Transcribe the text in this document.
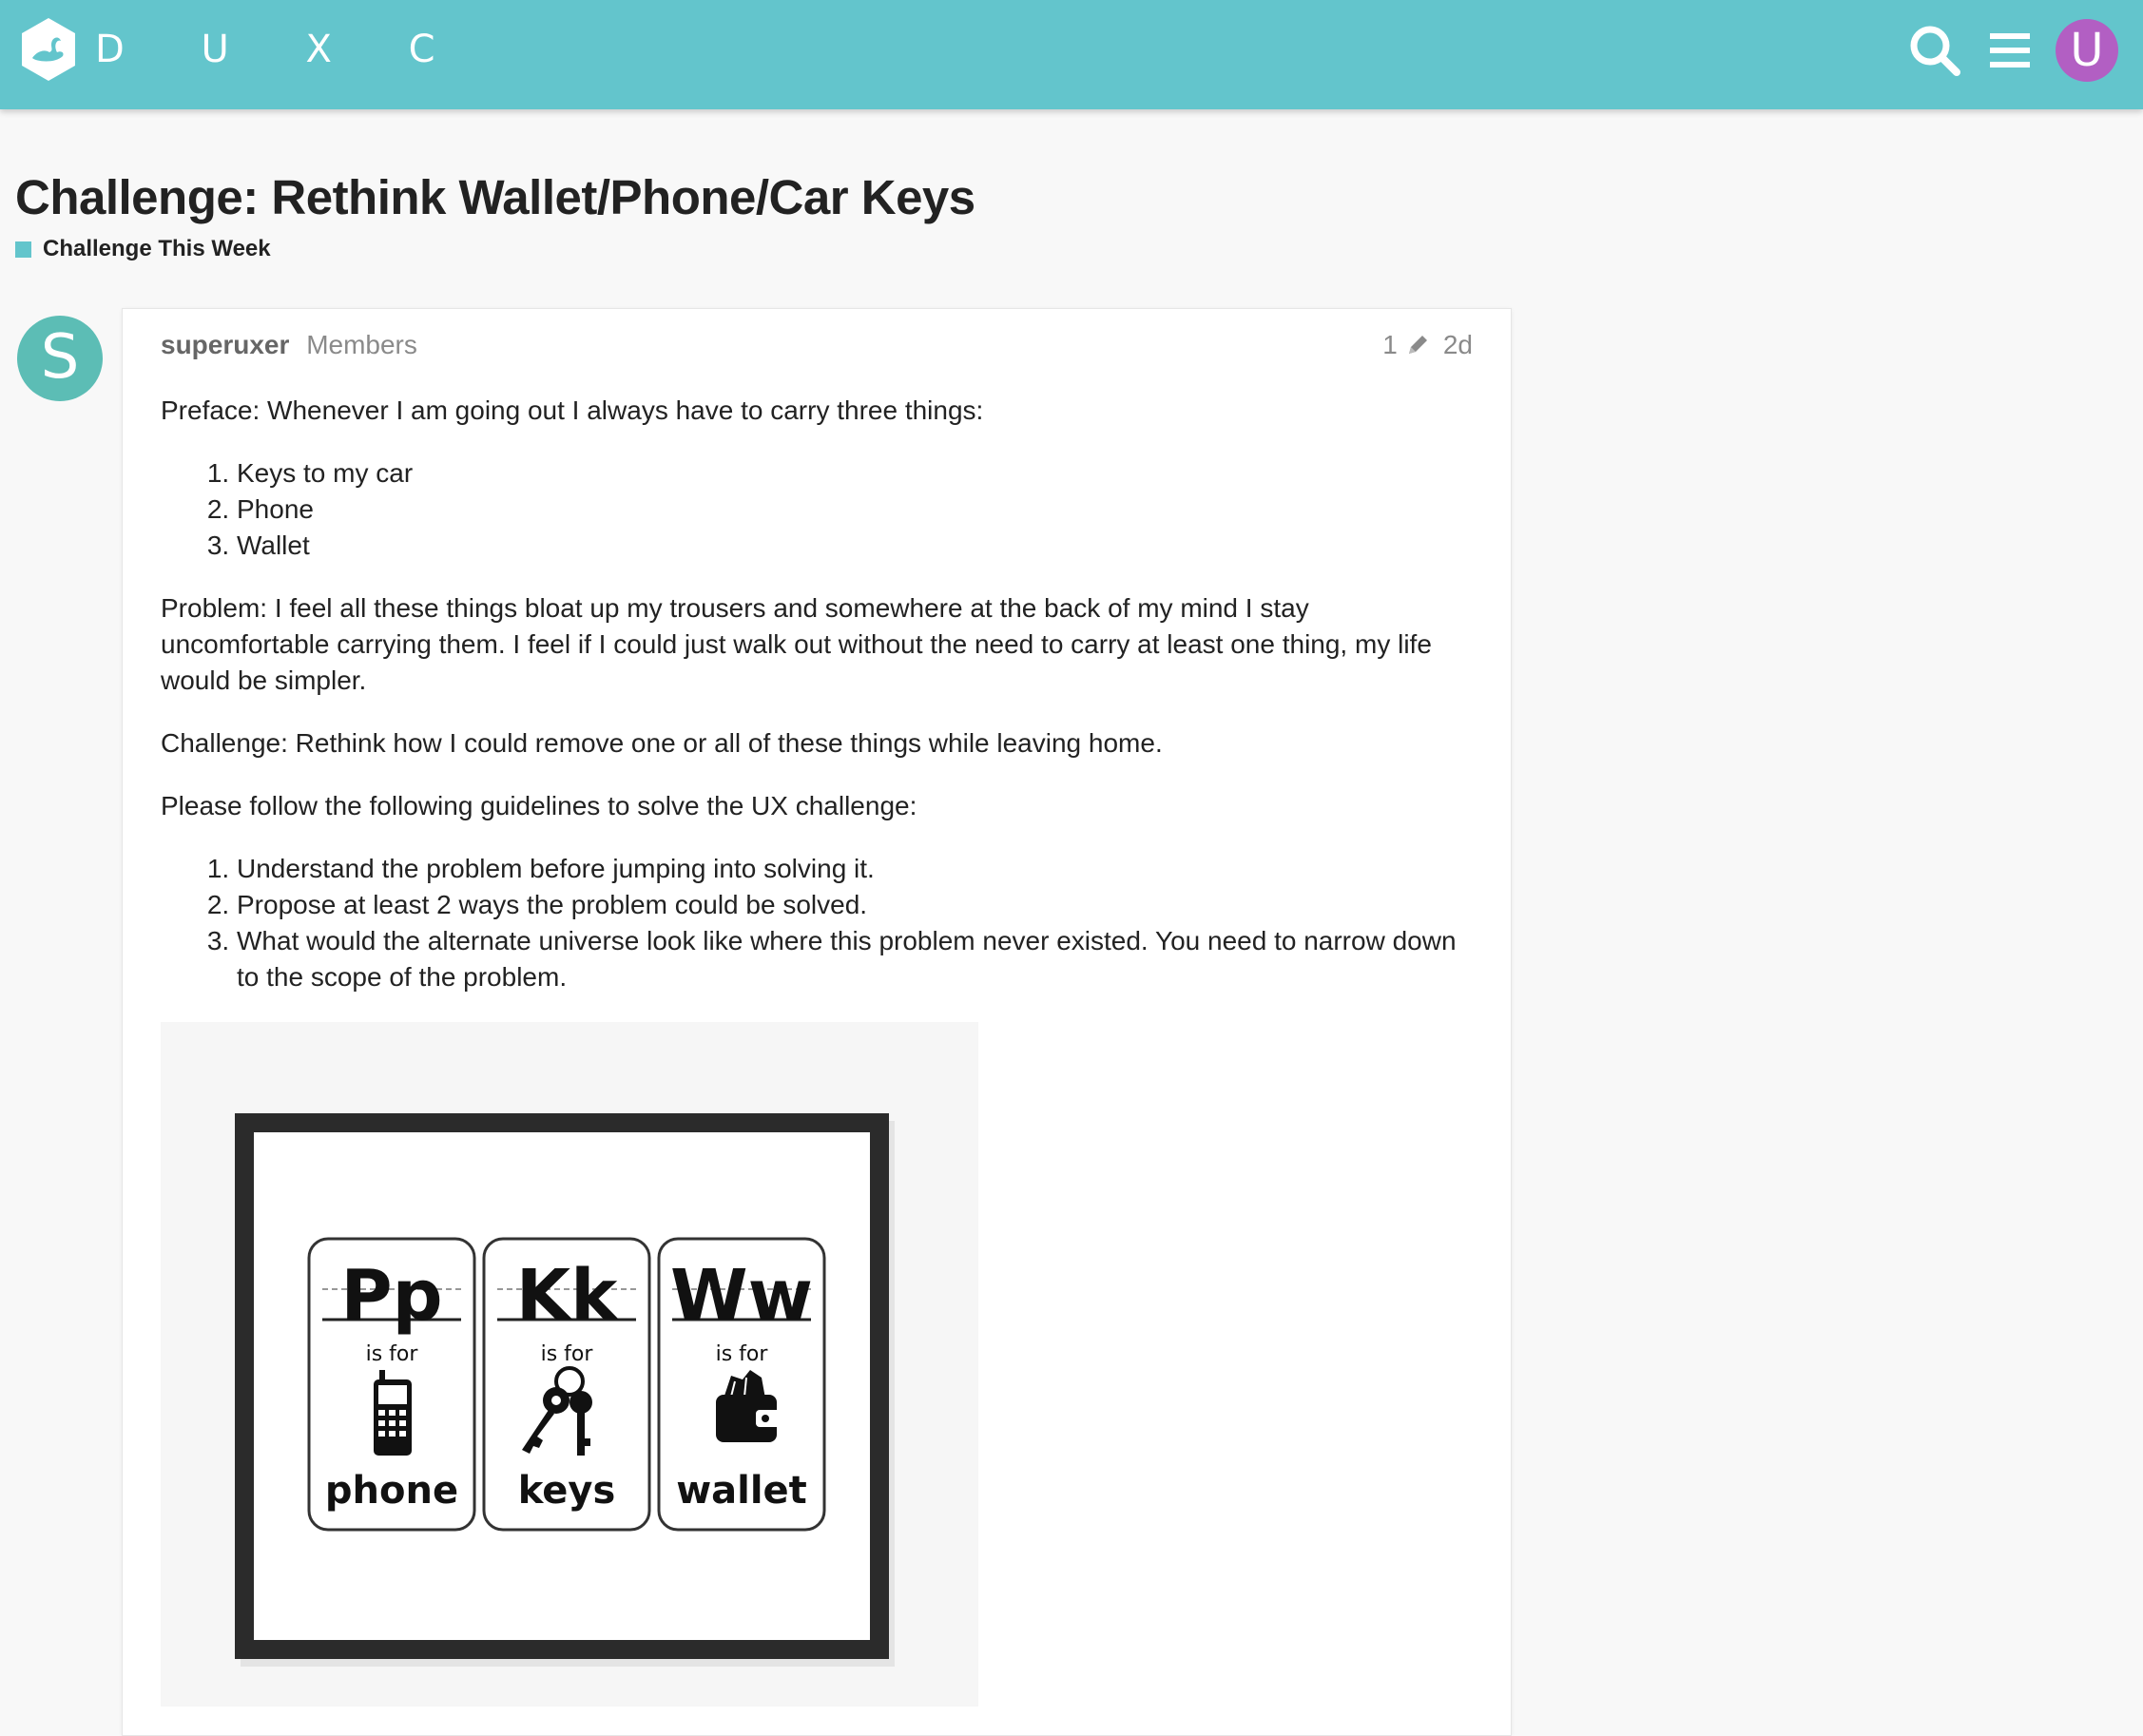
D U X C	U
Challenge: Rethink Wallet/Phone/Car Keys
Challenge This Week
S	superuxer Members	1 2d

Preface: Whenever I am going out I always have to carry three things:

1. Keys to my car
2. Phone
3. Wallet

Problem: I feel all these things bloat up my trousers and somewhere at the back of my mind I stay uncomfortable carrying them. I feel if I could just walk out without the need to carry at least one thing, my life would be simpler.

Challenge: Rethink how I could remove one or all of these things while leaving home.

Please follow the following guidelines to solve the UX challenge:

1. Understand the problem before jumping into solving it.
2. Propose at least 2 ways the problem could be solved.
3. What would the alternate universe look like where this problem never existed. You need to narrow down to the scope of the problem.
Pp
is for
phone
Kk
is for
keys
Ww
is for
wallet
